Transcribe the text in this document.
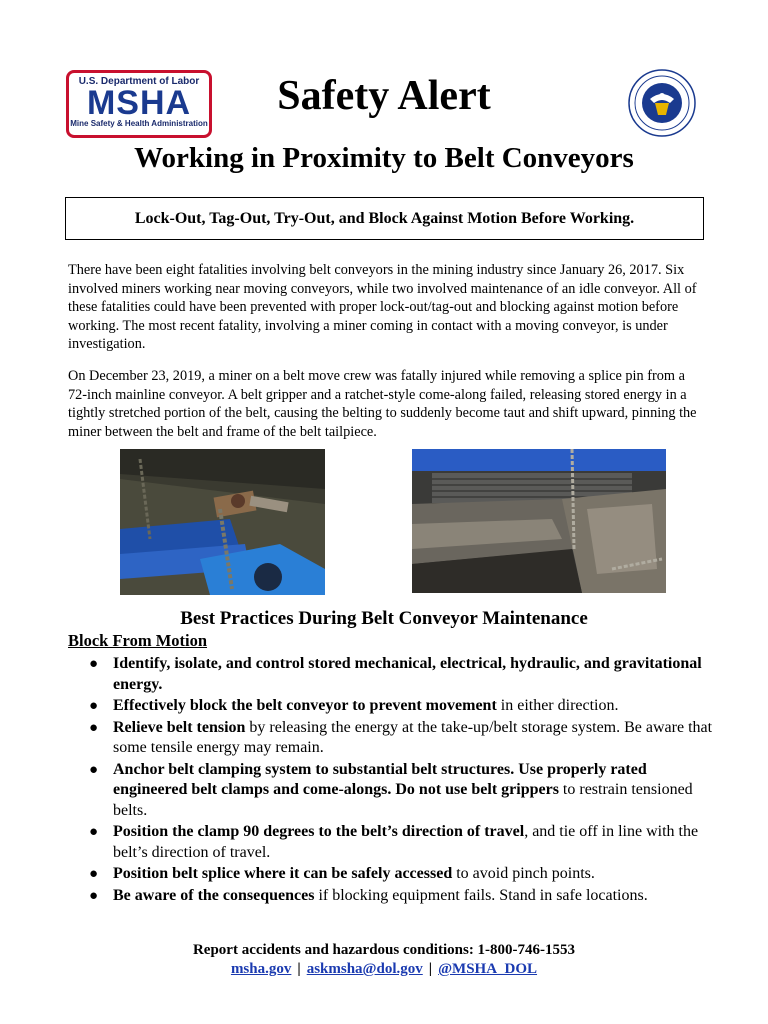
U.S. Department of Labor
MSHA
Mine Safety & Health Administration
Safety Alert
Working in Proximity to Belt Conveyors
Lock-Out, Tag-Out, Try-Out, and Block Against Motion Before Working.

There have been eight fatalities involving belt conveyors in the mining industry since January 26, 2017. Six involved miners working near moving conveyors, while two involved maintenance of an idle conveyor. All of these fatalities could have been prevented with proper lock-out/tag-out and blocking against motion before working. The most recent fatality, involving a miner coming in contact with a moving conveyor, is under investigation.

On December 23, 2019, a miner on a belt move crew was fatally injured while removing a splice pin from a 72-inch mainline conveyor. A belt gripper and a ratchet-style come-along failed, releasing stored energy in a tightly stretched portion of the belt, causing the belting to suddenly become taut and shift upward, pinning the miner between the belt and frame of the belt tailpiece.

Best Practices During Belt Conveyor Maintenance
Block From Motion
● Identify, isolate, and control stored mechanical, electrical, hydraulic, and gravitational energy.
● Effectively block the belt conveyor to prevent movement in either direction.
● Relieve belt tension by releasing the energy at the take-up/belt storage system. Be aware that some tensile energy may remain.
● Anchor belt clamping system to substantial belt structures. Use properly rated engineered belt clamps and come-alongs. Do not use belt grippers to restrain tensioned belts.
● Position the clamp 90 degrees to the belt’s direction of travel, and tie off in line with the belt’s direction of travel.
● Position belt splice where it can be safely accessed to avoid pinch points.
● Be aware of the consequences if blocking equipment fails. Stand in safe locations.
Report accidents and hazardous conditions: 1-800-746-1553
msha.gov | askmsha@dol.gov | @MSHA_DOL
